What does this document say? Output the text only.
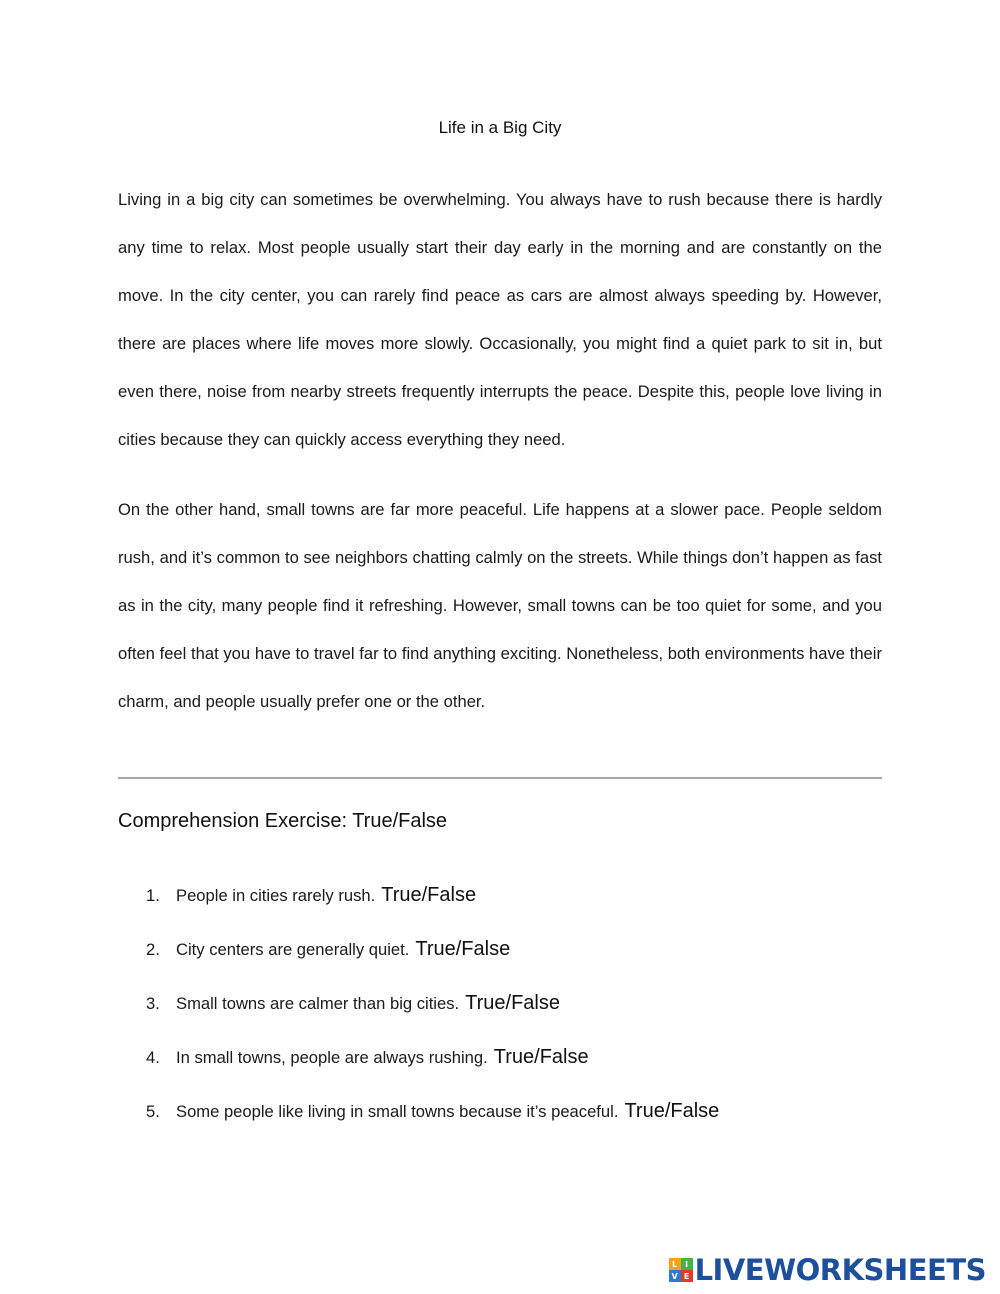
Life in a Big City

Living in a big city can sometimes be overwhelming. You always have to rush because there is hardly any time to relax. Most people usually start their day early in the morning and are constantly on the move. In the city center, you can rarely find peace as cars are almost always speeding by. However, there are places where life moves more slowly. Occasionally, you might find a quiet park to sit in, but even there, noise from nearby streets frequently interrupts the peace. Despite this, people love living in cities because they can quickly access everything they need.

On the other hand, small towns are far more peaceful. Life happens at a slower pace. People seldom rush, and it’s common to see neighbors chatting calmly on the streets. While things don’t happen as fast as in the city, many people find it refreshing. However, small towns can be too quiet for some, and you often feel that you have to travel far to find anything exciting. Nonetheless, both environments have their charm, and people usually prefer one or the other.

Comprehension Exercise: True/False
1. People in cities rarely rush. True/False
2. City centers are generally quiet. True/False
3. Small towns are calmer than big cities. True/False
4. In small towns, people are always rushing. True/False
5. Some people like living in small towns because it’s peaceful. True/False
L I
V E LIVEWORKSHEETS
